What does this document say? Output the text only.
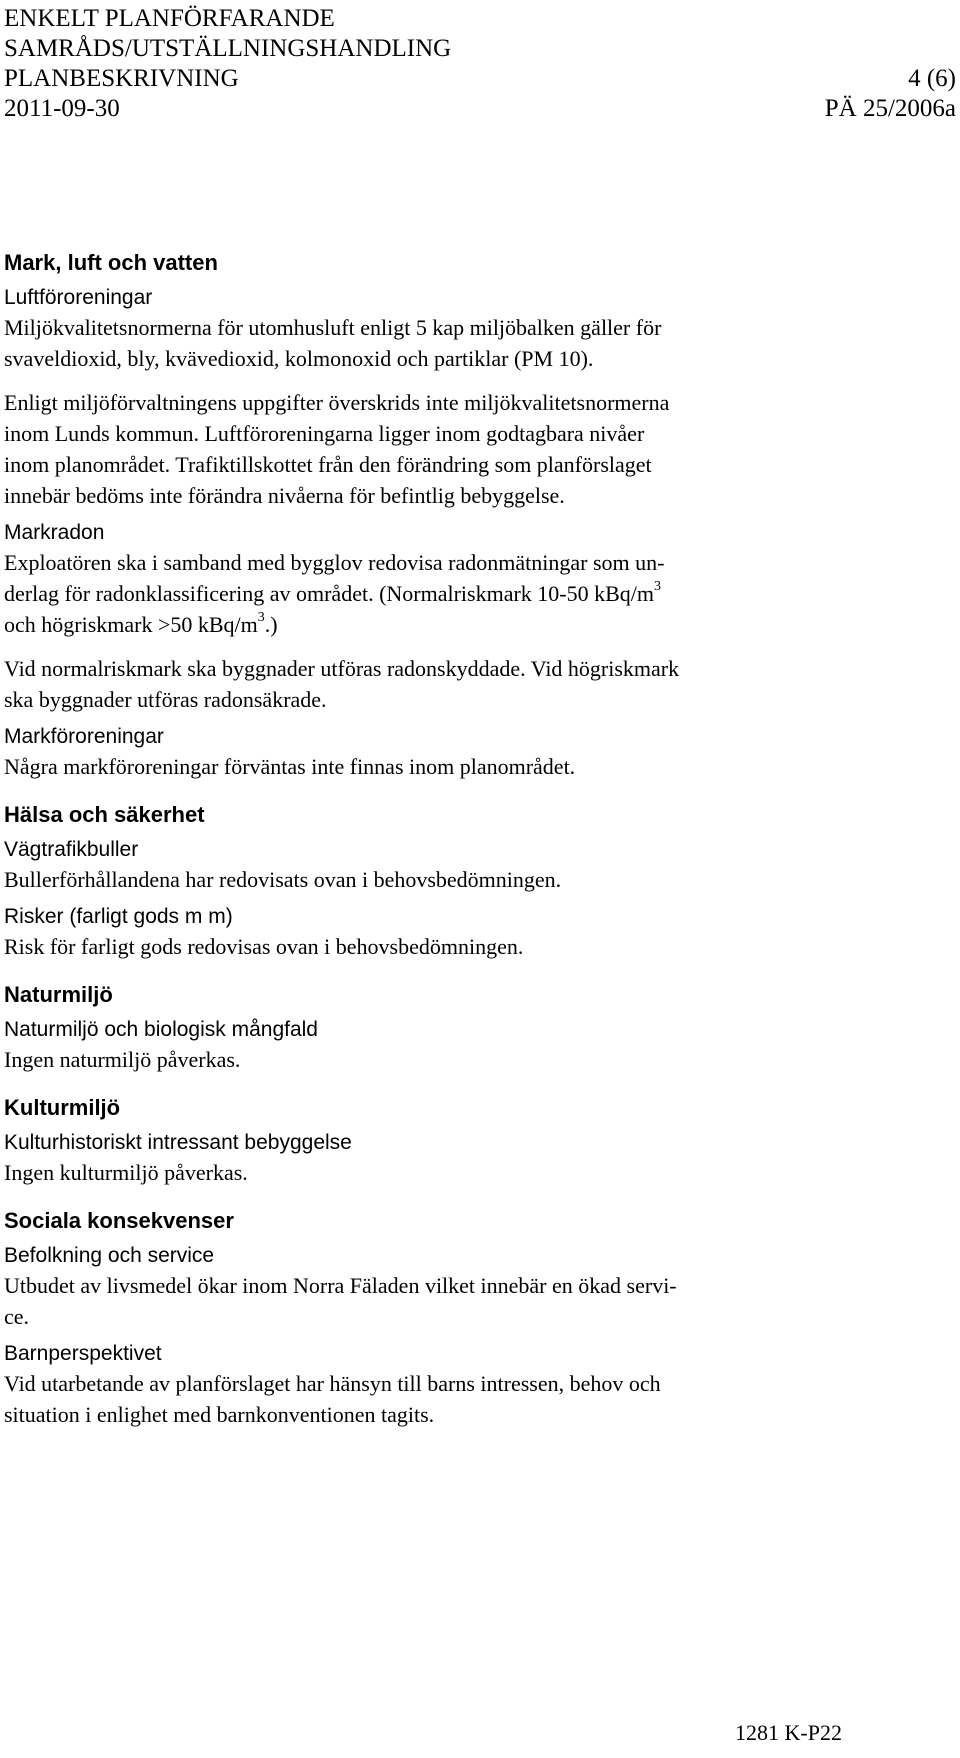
ENKELT PLANFÖRFARANDE
SAMRÅDS/UTSTÄLLNINGSHANDLING
PLANBESKRIVNING	4 (6)
2011-09-30	PÄ 25/2006a
Mark, luft och vatten
Luftföroreningar

Miljökvalitetsnormerna för utomhusluft enligt 5 kap miljöbalken gäller för
svaveldioxid, bly, kvävedioxid, kolmonoxid och partiklar (PM 10).

Enligt miljöförvaltningens uppgifter överskrids inte miljökvalitetsnormerna
inom Lunds kommun. Luftföroreningarna ligger inom godtagbara nivåer
inom planområdet. Trafiktillskottet från den förändring som planförslaget
innebär bedöms inte förändra nivåerna för befintlig bebyggelse.

Markradon

Exploatören ska i samband med bygglov redovisa radonmätningar som un-
derlag för radonklassificering av området. (Normalriskmark 10-50 kBq/$m^3$
och högriskmark >50 kBq/$m^3$.)

Vid normalriskmark ska byggnader utföras radonskyddade. Vid högriskmark
ska byggnader utföras radonsäkrade.

Markföroreningar

Några markföroreningar förväntas inte finnas inom planområdet.

Hälsa och säkerhet
Vägtrafikbuller

Bullerförhållandena har redovisats ovan i behovsbedömningen.

Risker (farligt gods m m)

Risk för farligt gods redovisas ovan i behovsbedömningen.

Naturmiljö
Naturmiljö och biologisk mångfald

Ingen naturmiljö påverkas.

Kulturmiljö
Kulturhistoriskt intressant bebyggelse

Ingen kulturmiljö påverkas.

Sociala konsekvenser
Befolkning och service

Utbudet av livsmedel ökar inom Norra Fäladen vilket innebär en ökad servi-
ce.

Barnperspektivet

Vid utarbetande av planförslaget har hänsyn till barns intressen, behov och
situation i enlighet med barnkonventionen tagits.

1281 K-P22
